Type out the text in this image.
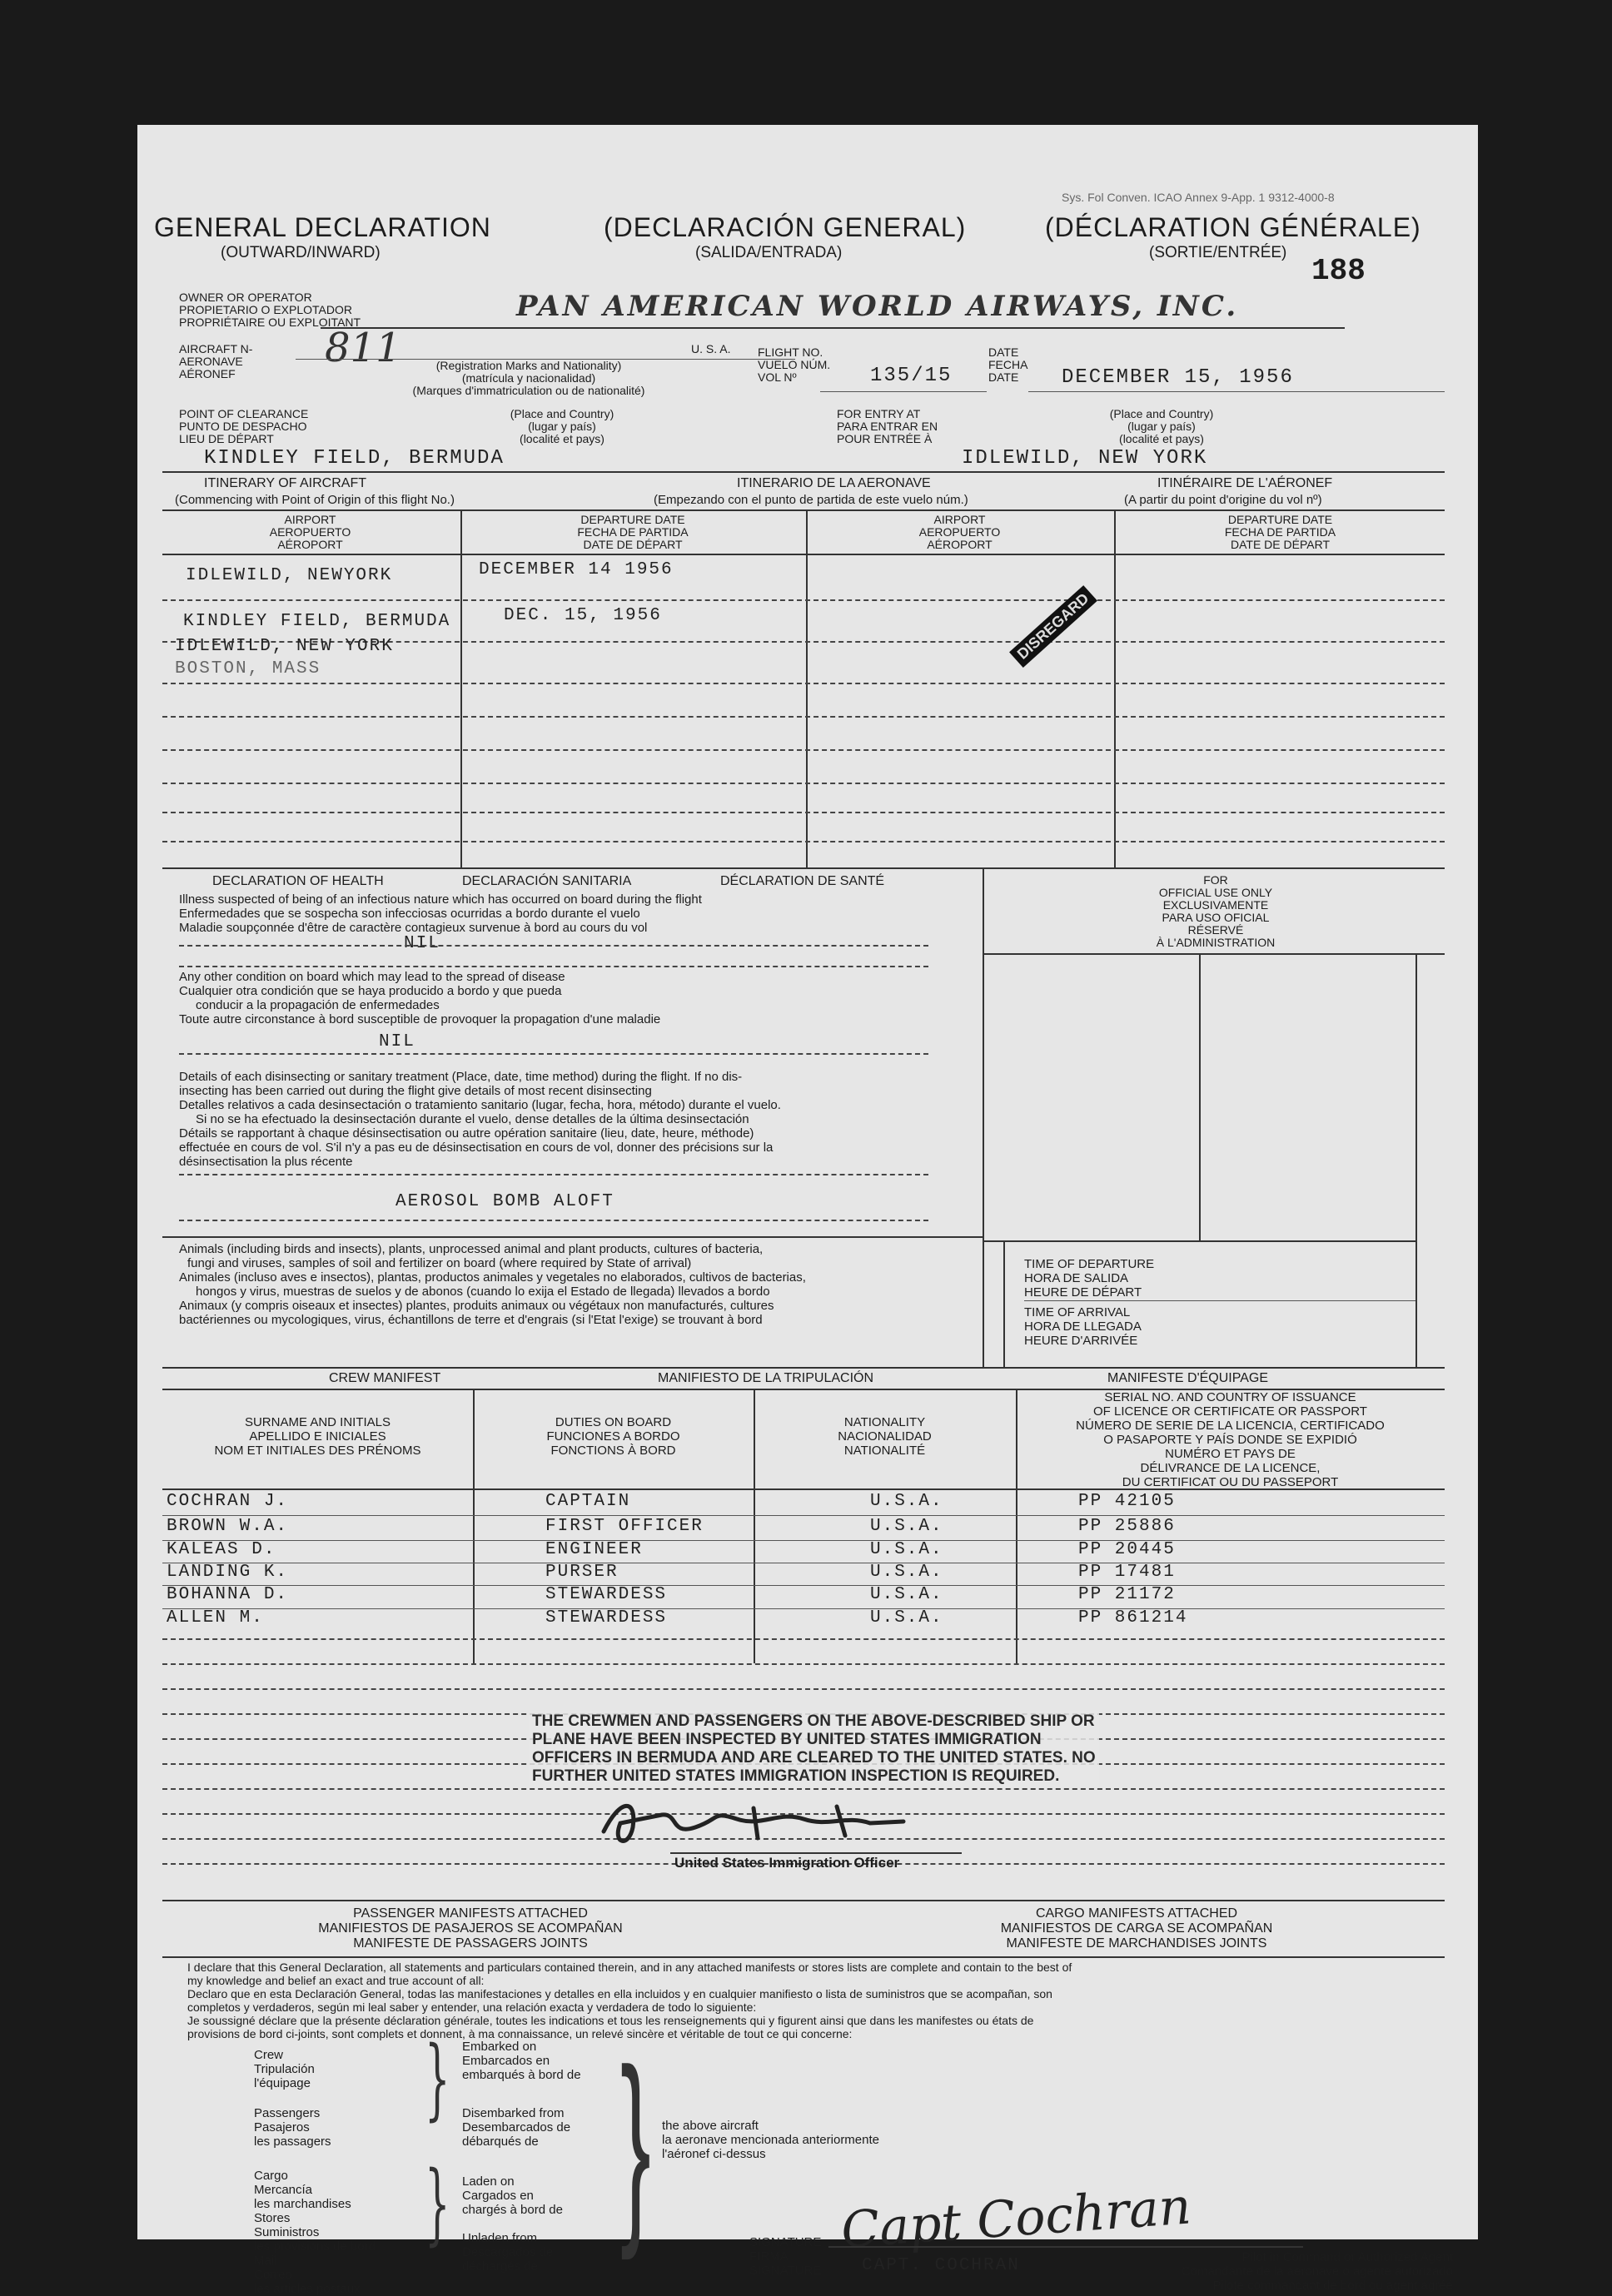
Sys. Fol Conven. ICAO Annex 9-App. 1 9312-4000-8
GENERAL DECLARATION
(OUTWARD/INWARD)
(DECLARACIÓN GENERAL)
(SALIDA/ENTRADA)
(DÉCLARATION GÉNÉRALE)
(SORTIE/ENTRÉE)
188
OWNER OR OPERATOR
PROPIETARIO O EXPLOTADOR
PROPRIÉTAIRE OU EXPLOITANT	PAN AMERICAN WORLD AIRWAYS, INC.
AIRCRAFT N-
AERONAVE
AÉRONEF
811	(Registration Marks and Nationality)
(matrícula y nacionalidad)
(Marques d'immatriculation ou de nationalité)
U. S. A. FLIGHT NO.
VUELO NÚM.
VOL Nº	135/15
DATE
FECHA
DATE	DECEMBER 15, 1956
POINT OF CLEARANCE
PUNTO DE DESPACHO
LIEU DE DÉPART
(Place and Country)
(lugar y país)
(localité et pays)
KINDLEY FIELD, BERMUDA
FOR ENTRY AT
PARA ENTRAR EN
POUR ENTRÉE À
(Place and Country)
(lugar y país)
(localité et pays)
IDLEWILD, NEW YORK
ITINERARY OF AIRCRAFT	ITINERARIO DE LA AERONAVE	ITINÉRAIRE DE L'AÉRONEF
(Commencing with Point of Origin of this flight No.)	(Empezando con el punto de partida de este vuelo núm.)	(A partir du point d'origine du vol nº)
AIRPORT
AEROPUERTO
AÉROPORT
DEPARTURE DATE
FECHA DE PARTIDA
DATE DE DÉPART
AIRPORT
AEROPUERTO
AÉROPORT
DEPARTURE DATE
FECHA DE PARTIDA
DATE DE DÉPART
IDLEWILD, NEWYORK	DECEMBER 14 1956
KINDLEY FIELD, BERMUDA	DEC. 15, 1956
IDLEWILD, NEW YORK
BOSTON, MASS
DISREGARD
DECLARATION OF HEALTH	DECLARACIÓN SANITARIA	DÉCLARATION DE SANTÉ
Illness suspected of being of an infectious nature which has occurred on board during the flight
Enfermedades que se sospecha son infecciosas ocurridas a bordo durante el vuelo
Maladie soupçonnée d'être de caractère contagieux survenue à bord au cours du vol
NIL
Any other condition on board which may lead to the spread of disease
Cualquier otra condición que se haya producido a bordo y que pueda
conducir a la propagación de enfermedades
Toute autre circonstance à bord susceptible de provoquer la propagation d'une maladie
NIL
Details of each disinsecting or sanitary treatment (Place, date, time method) during the flight. If no dis-
insecting has been carried out during the flight give details of most recent disinsecting
Detalles relativos a cada desinsectación o tratamiento sanitario (lugar, fecha, hora, método) durante el vuelo.
Si no se ha efectuado la desinsectación durante el vuelo, dense detalles de la última desinsectación
Détails se rapportant à chaque désinsectisation ou autre opération sanitaire (lieu, date, heure, méthode)
effectuée en cours de vol. S'il n'y a pas eu de désinsectisation en cours de vol, donner des précisions sur la
désinsectisation la plus récente
AEROSOL BOMB ALOFT
Animals (including birds and insects), plants, unprocessed animal and plant products, cultures of bacteria,
fungi and viruses, samples of soil and fertilizer on board (where required by State of arrival)
Animales (incluso aves e insectos), plantas, productos animales y vegetales no elaborados, cultivos de bacterias,
hongos y virus, muestras de suelos y de abonos (cuando lo exija el Estado de llegada) llevados a bordo
Animaux (y compris oiseaux et insectes) plantes, produits animaux ou végétaux non manufacturés, cultures
bactériennes ou mycologiques, virus, échantillons de terre et d'engrais (si l'Etat l'exige) se trouvant à bord
FOR
OFFICIAL USE ONLY
EXCLUSIVAMENTE
PARA USO OFICIAL
RÉSERVÉ
À L'ADMINISTRATION
TIME OF DEPARTURE
HORA DE SALIDA
HEURE DE DÉPART
TIME OF ARRIVAL
HORA DE LLEGADA
HEURE D'ARRIVÉE
CREW MANIFEST	MANIFIESTO DE LA TRIPULACIÓN	MANIFESTE D'ÉQUIPAGE
SURNAME AND INITIALS
APELLIDO E INICIALES
NOM ET INITIALES DES PRÉNOMS
DUTIES ON BOARD
FUNCIONES A BORDO
FONCTIONS À BORD
NATIONALITY
NACIONALIDAD
NATIONALITÉ
SERIAL NO. AND COUNTRY OF ISSUANCE
OF LICENCE OR CERTIFICATE OR PASSPORT
NÚMERO DE SERIE DE LA LICENCIA, CERTIFICADO
O PASAPORTE Y PAÍS DONDE SE EXPIDIÓ
NUMÉRO ET PAYS DE
DÉLIVRANCE DE LA LICENCE,
DU CERTIFICAT OU DU PASSEPORT
COCHRAN J.	CAPTAIN	U.S.A.	PP 42105
BROWN W.A.	FIRST OFFICER	U.S.A.	PP 25886
KALEAS D.	ENGINEER	U.S.A.	PP 20445
LANDING K.	PURSER	U.S.A.	PP 17481
BOHANNA D.	STEWARDESS	U.S.A.	PP 21172
ALLEN M.	STEWARDESS	U.S.A.	PP 861214
THE CREWMEN AND PASSENGERS ON THE ABOVE-DESCRIBED SHIP OR
PLANE HAVE BEEN INSPECTED BY UNITED STATES IMMIGRATION
OFFICERS IN BERMUDA AND ARE CLEARED TO THE UNITED STATES. NO
FURTHER UNITED STATES IMMIGRATION INSPECTION IS REQUIRED.
United States Immigration Officer
PASSENGER MANIFESTS ATTACHED
MANIFIESTOS DE PASAJEROS SE ACOMPAÑAN
MANIFESTE DE PASSAGERS JOINTS
CARGO MANIFESTS ATTACHED
MANIFIESTOS DE CARGA SE ACOMPAÑAN
MANIFESTE DE MARCHANDISES JOINTS
I declare that this General Declaration, all statements and particulars contained therein, and in any attached manifests or stores lists are complete and contain to the best of
my knowledge and belief an exact and true account of all:
Declaro que en esta Declaración General, todas las manifestaciones y detalles en ella incluidos y en cualquier manifiesto o lista de suministros que se acompañan, son
completos y verdaderos, según mi leal saber y entender, una relación exacta y verdadera de todo lo siguiente:
Je soussigné déclare que la présente déclaration générale, toutes les indications et tous les renseignements qui y figurent ainsi que dans les manifestes ou états de
provisions de bord ci-joints, sont complets et donnent, à ma connaissance, un relevé sincère et véritable de tout ce qui concerne:
Crew
Tripulación
l'équipage
Passengers
Pasajeros
les passagers
Cargo
Mercancía
les marchandises
Stores
Suministros
les provisions de bord
Mail
Correo
les articles postaux
}
}
Embarked on
Embarcados en
embarqués à bord de
Disembarked from
Desembarcados de
débarqués de
Laden on
Cargados en
chargés à bord de
Unladen from
Descargados de
déchargés de
} the above aircraft
la aeronave mencionada anteriormente
l'aéronef ci-dessus
SIGNATURE
FIRMA
SIGNATURE
Capt Cochran
CAPT. COCHRAN	Pilot in Command or Authorized Agent
Comandante de la aeronave o agente autorizado
Pilote commandant de bord ou agent agréé
